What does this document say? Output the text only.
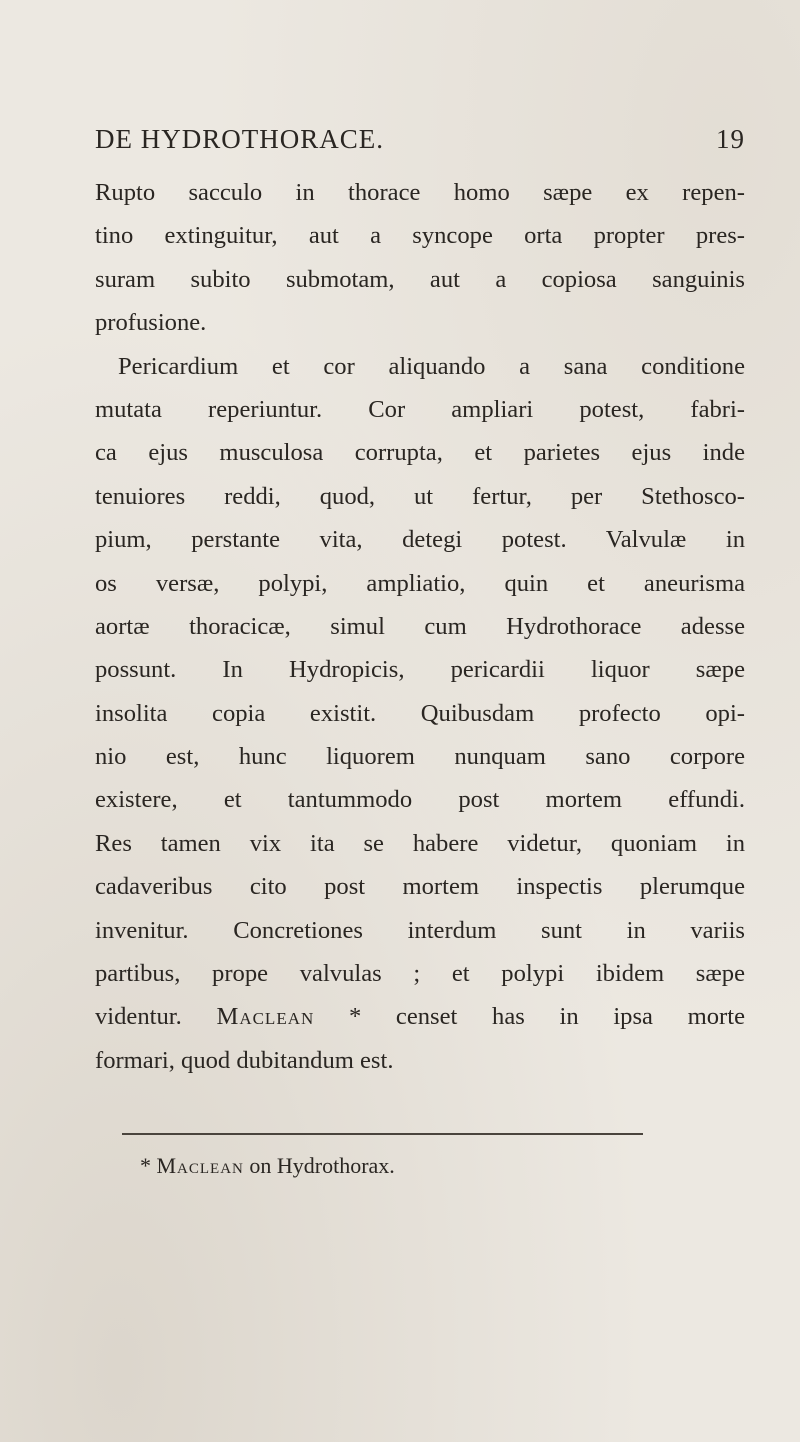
DE HYDROTHORACE.	19
Rupto sacculo in thorace homo sæpe ex repen-
tino extinguitur, aut a syncope orta propter pres-
suram subito submotam, aut a copiosa sanguinis
profusione.
Pericardium et cor aliquando a sana conditione
mutata reperiuntur. Cor ampliari potest, fabri-
ca ejus musculosa corrupta, et parietes ejus inde
tenuiores reddi, quod, ut fertur, per Stethosco-
pium, perstante vita, detegi potest. Valvulæ in
os versæ, polypi, ampliatio, quin et aneurisma
aortæ thoracicæ, simul cum Hydrothorace adesse
possunt. In Hydropicis, pericardii liquor sæpe
insolita copia existit. Quibusdam profecto opi-
nio est, hunc liquorem nunquam sano corpore
existere, et tantummodo post mortem effundi.
Res tamen vix ita se habere videtur, quoniam in
cadaveribus cito post mortem inspectis plerumque
invenitur. Concretiones interdum sunt in variis
partibus, prope valvulas ; et polypi ibidem sæpe
videntur. Maclean * censet has in ipsa morte
formari, quod dubitandum est.
* Maclean on Hydrothorax.
